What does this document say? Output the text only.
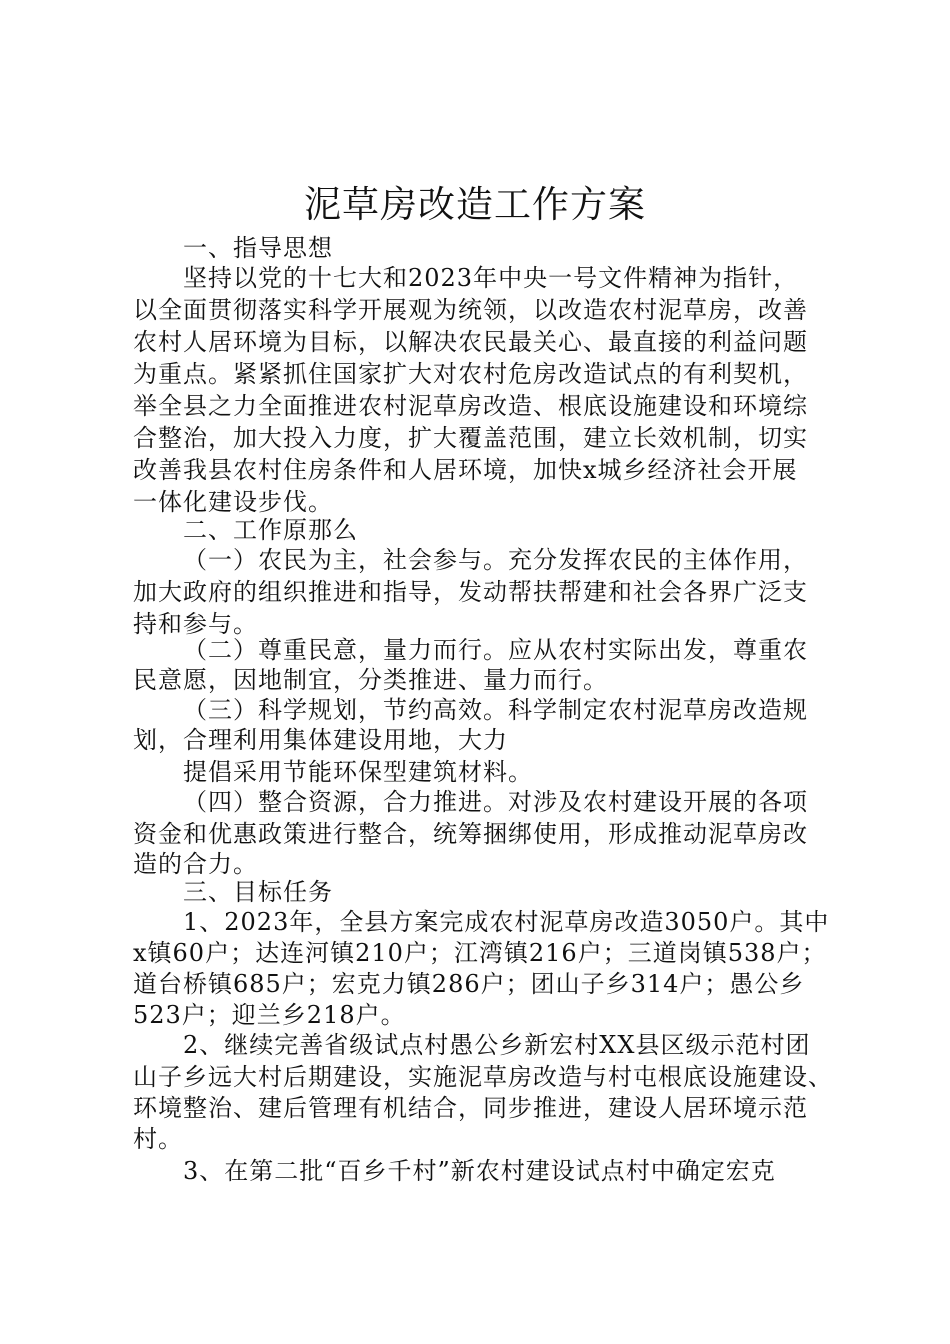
泥草房改造工作方案

一、指导思想

坚持以党的十七大和2023年中央一号文件精神为指针，

以全面贯彻落实科学开展观为统领，以改造农村泥草房，改善

农村人居环境为目标，以解决农民最关心、最直接的利益问题

为重点。紧紧抓住国家扩大对农村危房改造试点的有利契机，

举全县之力全面推进农村泥草房改造、根底设施建设和环境综

合整治，加大投入力度，扩大覆盖范围，建立长效机制，切实

改善我县农村住房条件和人居环境，加快x城乡经济社会开展

一体化建设步伐。

二、工作原那么

（一）农民为主，社会参与。充分发挥农民的主体作用，

加大政府的组织推进和指导，发动帮扶帮建和社会各界广泛支

持和参与。

（二）尊重民意，量力而行。应从农村实际出发，尊重农

民意愿，因地制宜，分类推进、量力而行。

（三）科学规划，节约高效。科学制定农村泥草房改造规

划，合理利用集体建设用地，大力

提倡采用节能环保型建筑材料。

（四）整合资源，合力推进。对涉及农村建设开展的各项

资金和优惠政策进行整合，统筹捆绑使用，形成推动泥草房改

造的合力。

三、目标任务

1、2023年，全县方案完成农村泥草房改造3050户。其中

x镇60户；达连河镇210户；江湾镇216户；三道岗镇538户；

道台桥镇685户；宏克力镇286户；团山子乡314户；愚公乡

523户；迎兰乡218户。

2、继续完善省级试点村愚公乡新宏村XX县区级示范村团

山子乡远大村后期建设，实施泥草房改造与村屯根底设施建设、

环境整治、建后管理有机结合，同步推进，建设人居环境示范

村。

3、在第二批“百乡千村”新农村建设试点村中确定宏克
